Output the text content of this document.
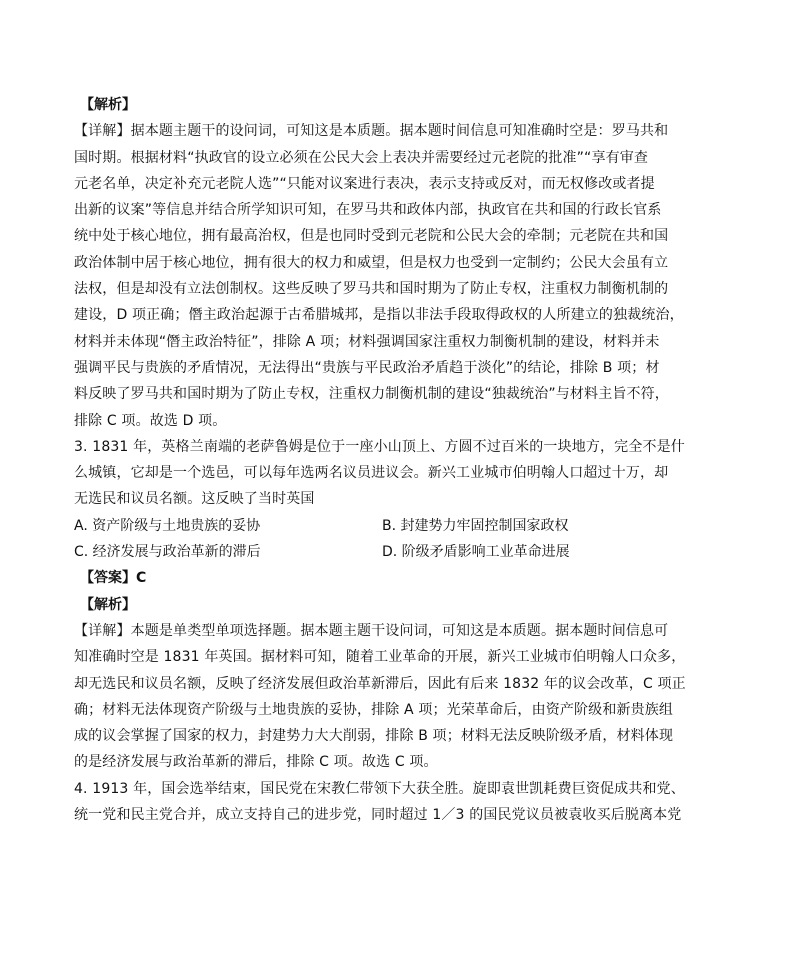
【解析】
【详解】据本题主题干的设问词，可知这是本质题。据本题时间信息可知准确时空是：罗马共和
国时期。根据材料“执政官的设立必须在公民大会上表决并需要经过元老院的批准”“享有审查
元老名单，决定补充元老院人选”“只能对议案进行表决，表示支持或反对，而无权修改或者提
出新的议案”等信息并结合所学知识可知，在罗马共和政体内部，执政官在共和国的行政长官系
统中处于核心地位，拥有最高治权，但是也同时受到元老院和公民大会的牵制；元老院在共和国
政治体制中居于核心地位，拥有很大的权力和威望，但是权力也受到一定制约；公民大会虽有立
法权，但是却没有立法创制权。这些反映了罗马共和国时期为了防止专权，注重权力制衡机制的
建设，D 项正确；僭主政治起源于古希腊城邦，是指以非法手段取得政权的人所建立的独裁统治，
材料并未体现“僭主政治特征”，排除 A 项；材料强调国家注重权力制衡机制的建设，材料并未
强调平民与贵族的矛盾情况，无法得出“贵族与平民政治矛盾趋于淡化”的结论，排除 B 项；材
料反映了罗马共和国时期为了防止专权，注重权力制衡机制的建设“独裁统治”与材料主旨不符，
排除 C 项。故选 D 项。
3. 1831 年，英格兰南端的老萨鲁姆是位于一座小山顶上、方圆不过百米的一块地方，完全不是什
么城镇，它却是一个选邑，可以每年选两名议员进议会。新兴工业城市伯明翰人口超过十万，却
无选民和议员名额。这反映了当时英国
A. 资产阶级与土地贵族的妥协	B. 封建势力牢固控制国家政权
C. 经济发展与政治革新的滞后	D. 阶级矛盾影响工业革命进展
【答案】C
【解析】
【详解】本题是单类型单项选择题。据本题主题干设问词，可知这是本质题。据本题时间信息可
知准确时空是 1831 年英国。据材料可知，随着工业革命的开展，新兴工业城市伯明翰人口众多，
却无选民和议员名额，反映了经济发展但政治革新滞后，因此有后来 1832 年的议会改革，C 项正
确；材料无法体现资产阶级与土地贵族的妥协，排除 A 项；光荣革命后，由资产阶级和新贵族组
成的议会掌握了国家的权力，封建势力大大削弱，排除 B 项；材料无法反映阶级矛盾，材料体现
的是经济发展与政治革新的滞后，排除 C 项。故选 C 项。
4. 1913 年，国会选举结束，国民党在宋教仁带领下大获全胜。旋即袁世凯耗费巨资促成共和党、
统一党和民主党合并，成立支持自己的进步党，同时超过 1／3 的国民党议员被袁收买后脱离本党
